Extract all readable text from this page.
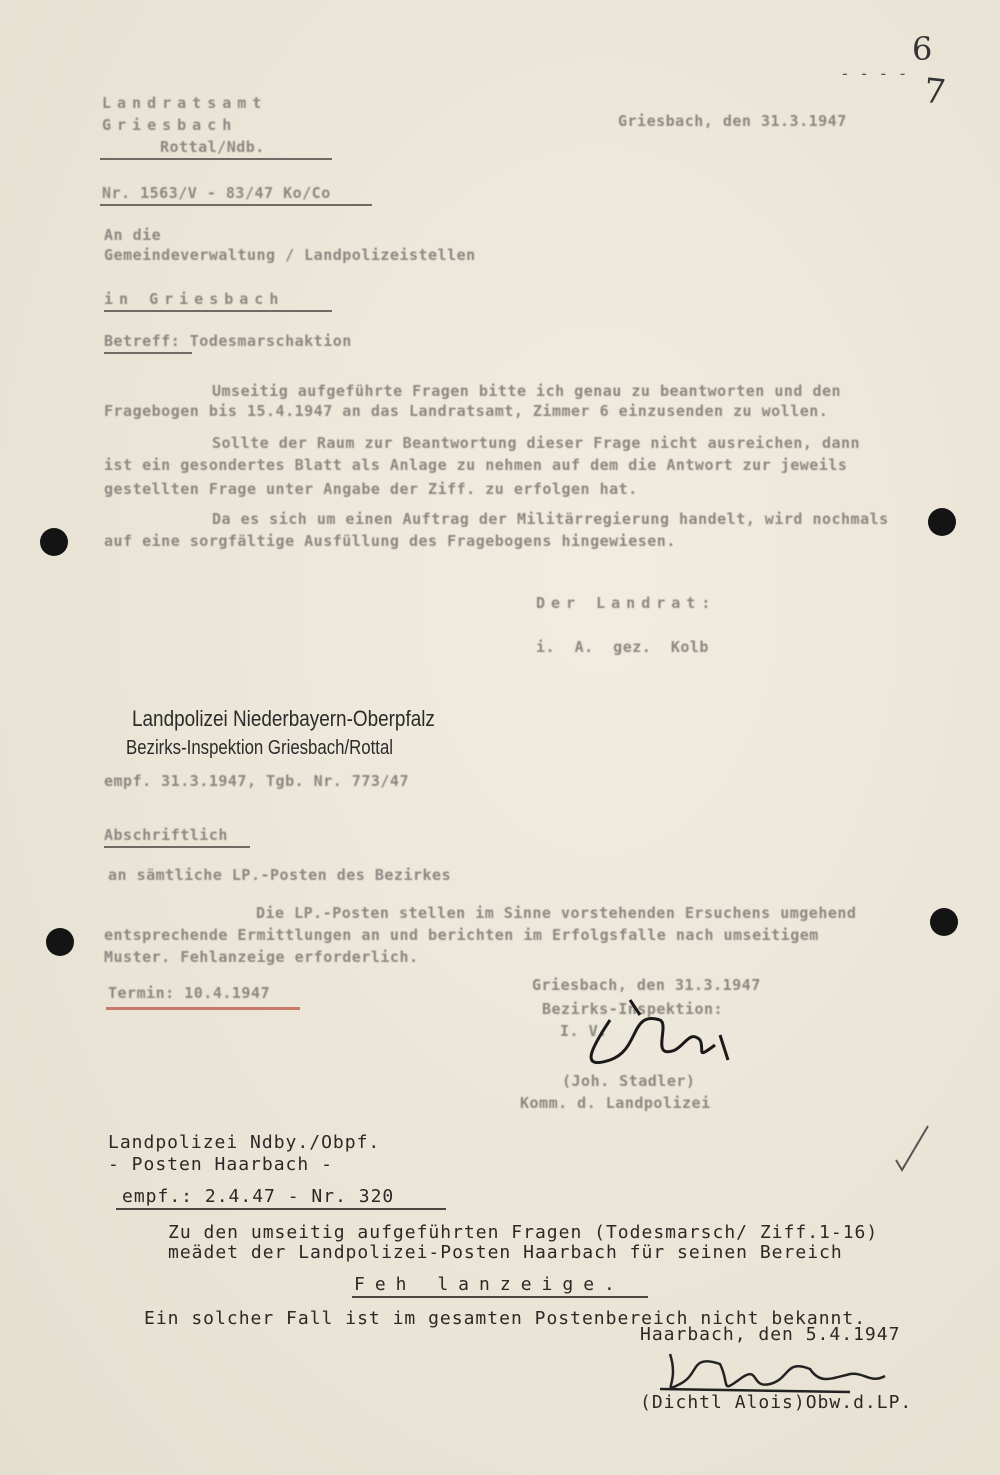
6
7
- - - -
Landratsamt
Griesbach
Rottal/Ndb.
Griesbach, den 31.3.1947
Nr. 1563/V - 83/47 Ko/Co
An die
Gemeindeverwaltung / Landpolizeistellen
in Griesbach
Betreff: Todesmarschaktion
Umseitig aufgeführte Fragen bitte ich genau zu beantworten und den
Fragebogen bis 15.4.1947 an das Landratsamt, Zimmer 6 einzusenden zu wollen.
Sollte der Raum zur Beantwortung dieser Frage nicht ausreichen, dann
ist ein gesondertes Blatt als Anlage zu nehmen auf dem die Antwort zur jeweils
gestellten Frage unter Angabe der Ziff. zu erfolgen hat.
Da es sich um einen Auftrag der Militärregierung handelt, wird nochmals
auf eine sorgfältige Ausfüllung des Fragebogens hingewiesen.
Der Landrat:
i. A. gez. Kolb
Landpolizei Niederbayern-Oberpfalz
Bezirks-Inspektion Griesbach/Rottal
empf. 31.3.1947, Tgb. Nr. 773/47
Abschriftlich
an sämtliche LP.-Posten des Bezirkes
Die LP.-Posten stellen im Sinne vorstehenden Ersuchens umgehend
entsprechende Ermittlungen an und berichten im Erfolgsfalle nach umseitigem
Muster. Fehlanzeige erforderlich.
Termin: 10.4.1947	Griesbach, den 31.3.1947
Bezirks-Inspektion:
I. V.
(Joh. Stadler)
Komm. d. Landpolizei
Landpolizei Ndby./Obpf.
- Posten Haarbach -
empf.: 2.4.47 - Nr. 320
Zu den umseitig aufgeführten Fragen (Todesmarsch/ Ziff.1-16)
meädet der Landpolizei-Posten Haarbach für seinen Bereich
Feh lanzeige.
Ein solcher Fall ist im gesamten Postenbereich nicht bekannt.
Haarbach, den 5.4.1947
(Dichtl Alois)Obw.d.LP.
